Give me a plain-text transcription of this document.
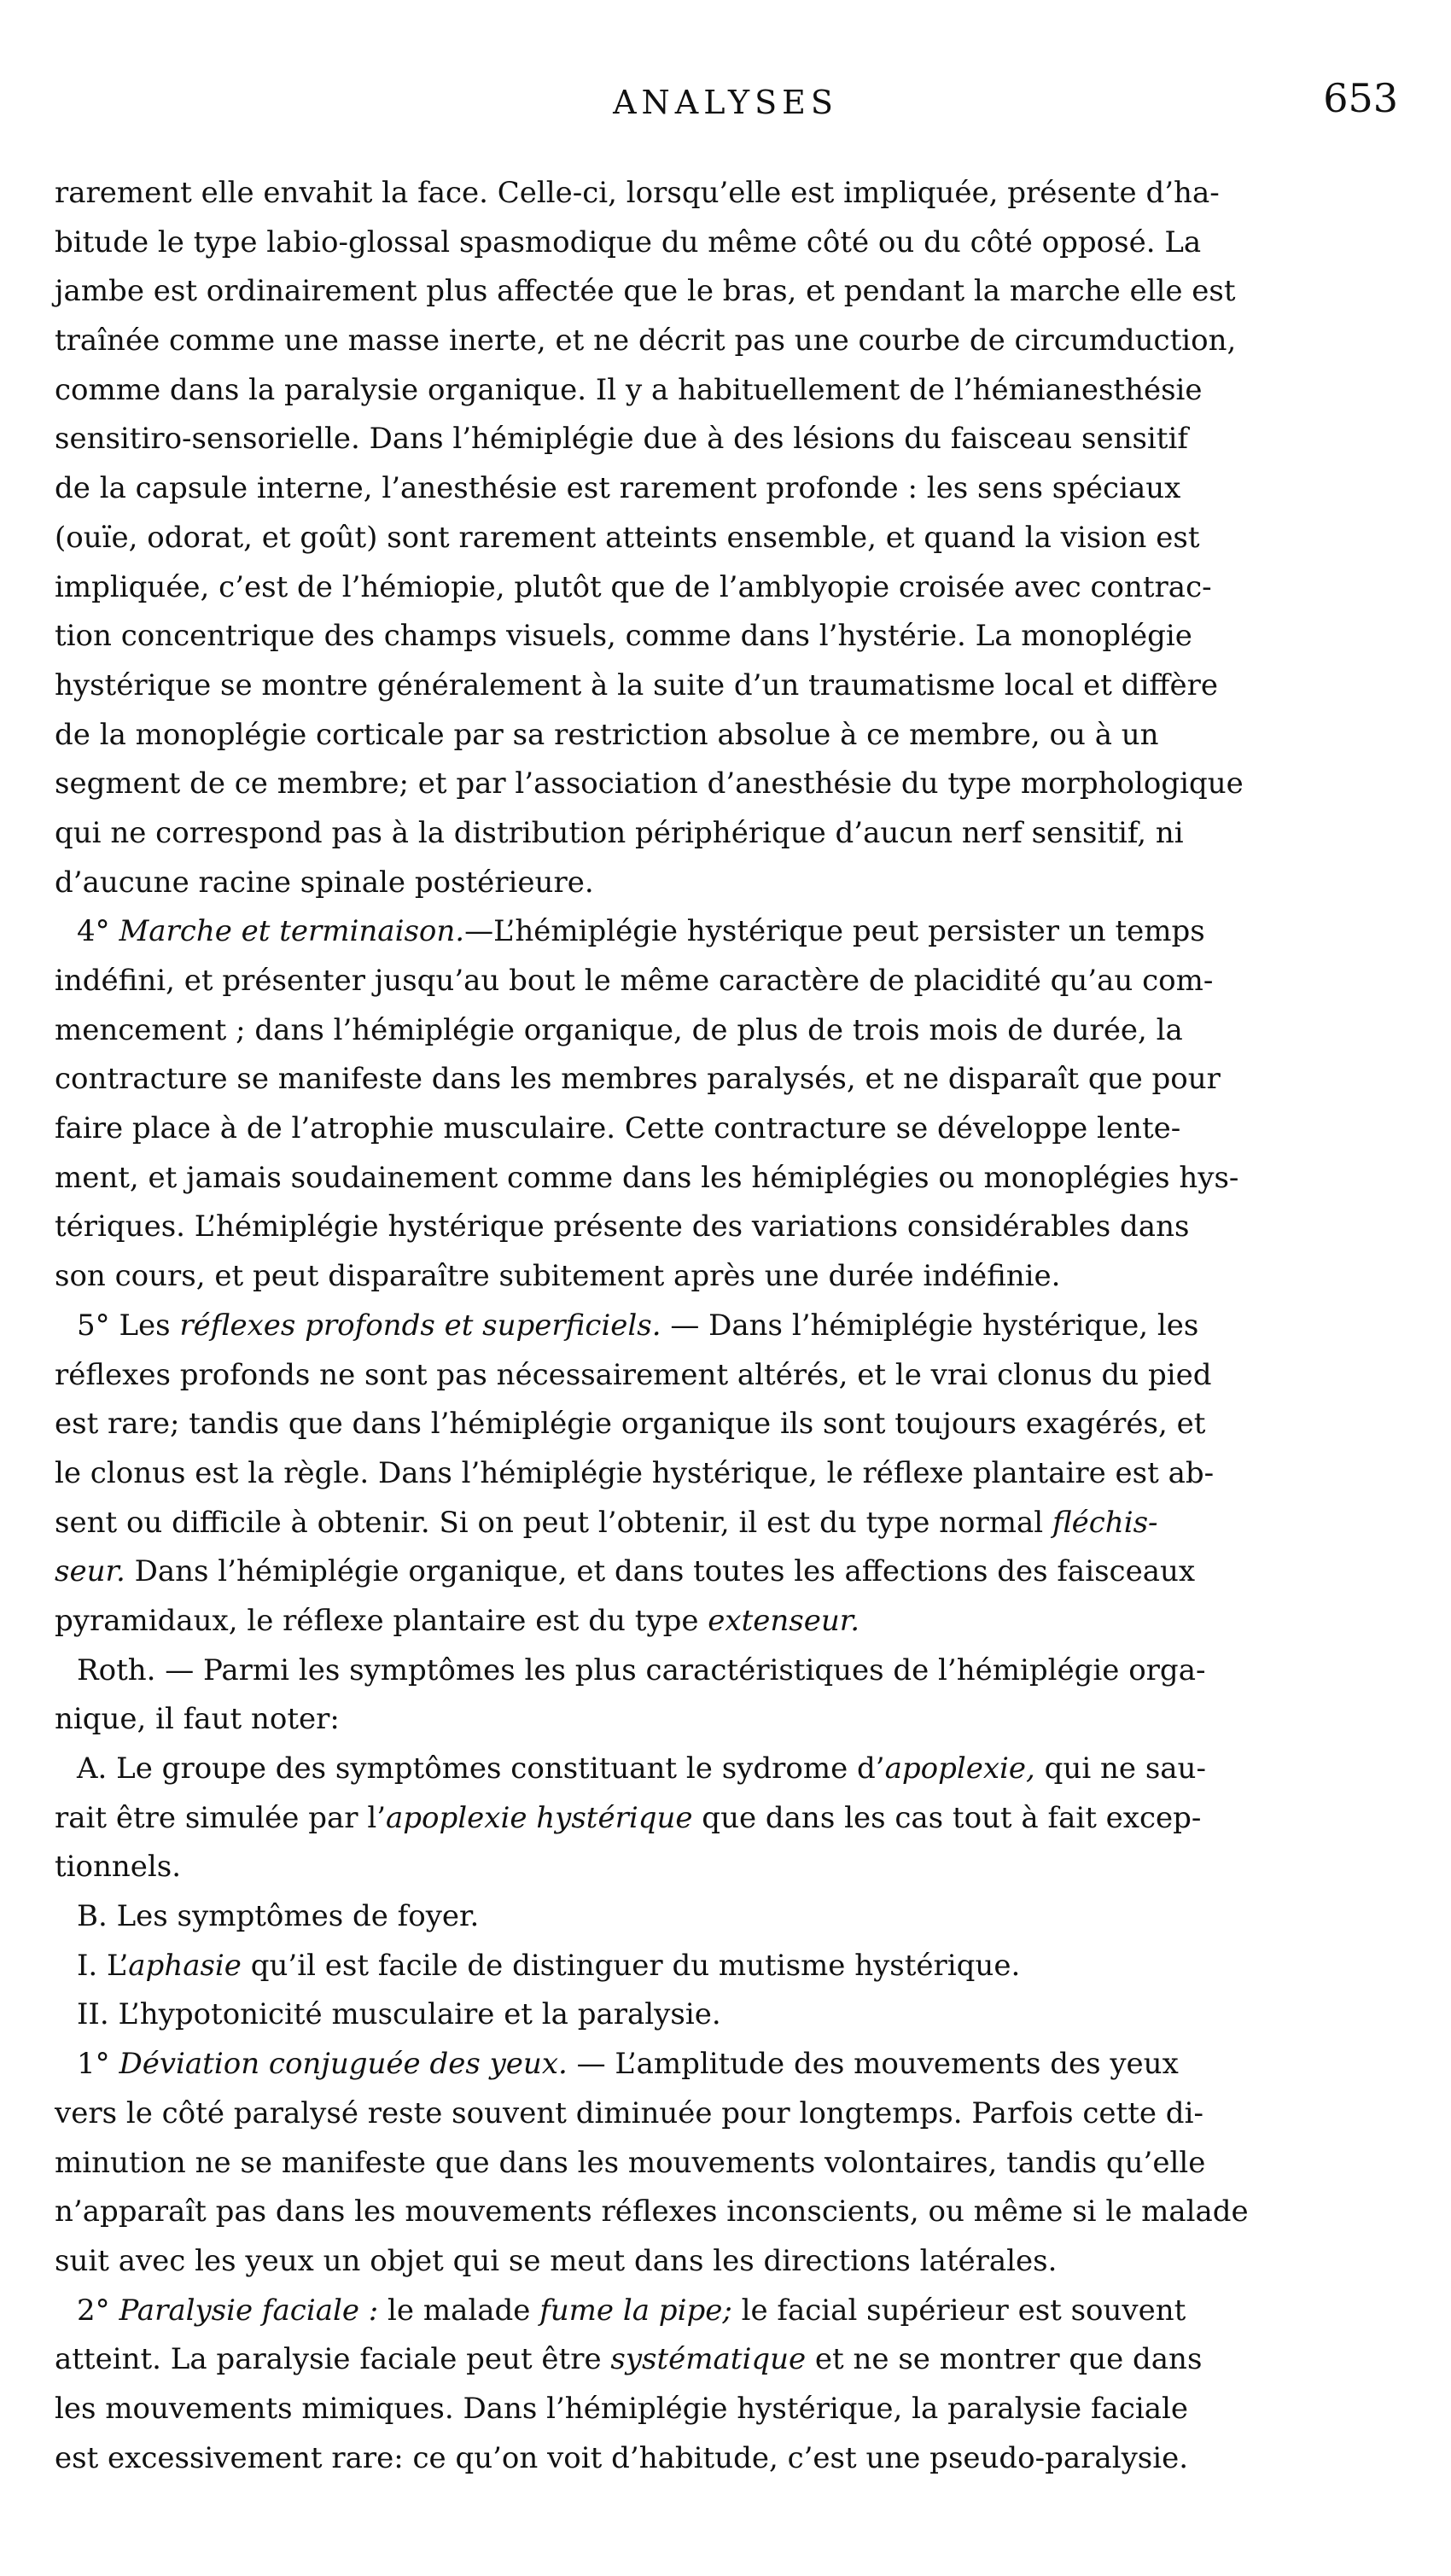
ANALYSES	653
rarement elle envahit la face. Celle-ci, lorsqu’elle est impliquée, présente d’ha-
bitude le type labio-glossal spasmodique du même côté ou du côté opposé. La
jambe est ordinairement plus affectée que le bras, et pendant la marche elle est
traînée comme une masse inerte, et ne décrit pas une courbe de circumduction,
comme dans la paralysie organique. Il y a habituellement de l’hémianesthésie
sensitiro-sensorielle. Dans l’hémiplégie due à des lésions du faisceau sensitif
de la capsule interne, l’anesthésie est rarement profonde : les sens spéciaux
(ouïe, odorat, et goût) sont rarement atteints ensemble, et quand la vision est
impliquée, c’est de l’hémiopie, plutôt que de l’amblyopie croisée avec contrac-
tion concentrique des champs visuels, comme dans l’hystérie. La monoplégie
hystérique se montre généralement à la suite d’un traumatisme local et diffère
de la monoplégie corticale par sa restriction absolue à ce membre, ou à un
segment de ce membre; et par l’association d’anesthésie du type morphologique
qui ne correspond pas à la distribution périphérique d’aucun nerf sensitif, ni
d’aucune racine spinale postérieure.
4° Marche et terminaison.—L’hémiplégie hystérique peut persister un temps
indéfini, et présenter jusqu’au bout le même caractère de placidité qu’au com-
mencement ; dans l’hémiplégie organique, de plus de trois mois de durée, la
contracture se manifeste dans les membres paralysés, et ne disparaît que pour
faire place à de l’atrophie musculaire. Cette contracture se développe lente-
ment, et jamais soudainement comme dans les hémiplégies ou monoplégies hys-
tériques. L’hémiplégie hystérique présente des variations considérables dans
son cours, et peut disparaître subitement après une durée indéfinie.
5° Les réflexes profonds et superficiels. — Dans l’hémiplégie hystérique, les
réflexes profonds ne sont pas nécessairement altérés, et le vrai clonus du pied
est rare; tandis que dans l’hémiplégie organique ils sont toujours exagérés, et
le clonus est la règle. Dans l’hémiplégie hystérique, le réflexe plantaire est ab-
sent ou difficile à obtenir. Si on peut l’obtenir, il est du type normal fléchis-
seur. Dans l’hémiplégie organique, et dans toutes les affections des faisceaux
pyramidaux, le réflexe plantaire est du type extenseur.
Roth. — Parmi les symptômes les plus caractéristiques de l’hémiplégie orga-
nique, il faut noter:
A. Le groupe des symptômes constituant le sydrome d’apoplexie, qui ne sau-
rait être simulée par l’apoplexie hystérique que dans les cas tout à fait excep-
tionnels.
B. Les symptômes de foyer.
I. L’aphasie qu’il est facile de distinguer du mutisme hystérique.
II. L’hypotonicité musculaire et la paralysie.
1° Déviation conjuguée des yeux. — L’amplitude des mouvements des yeux
vers le côté paralysé reste souvent diminuée pour longtemps. Parfois cette di-
minution ne se manifeste que dans les mouvements volontaires, tandis qu’elle
n’apparaît pas dans les mouvements réflexes inconscients, ou même si le malade
suit avec les yeux un objet qui se meut dans les directions latérales.
2° Paralysie faciale : le malade fume la pipe; le facial supérieur est souvent
atteint. La paralysie faciale peut être systématique et ne se montrer que dans
les mouvements mimiques. Dans l’hémiplégie hystérique, la paralysie faciale
est excessivement rare: ce qu’on voit d’habitude, c’est une pseudo-paralysie.
